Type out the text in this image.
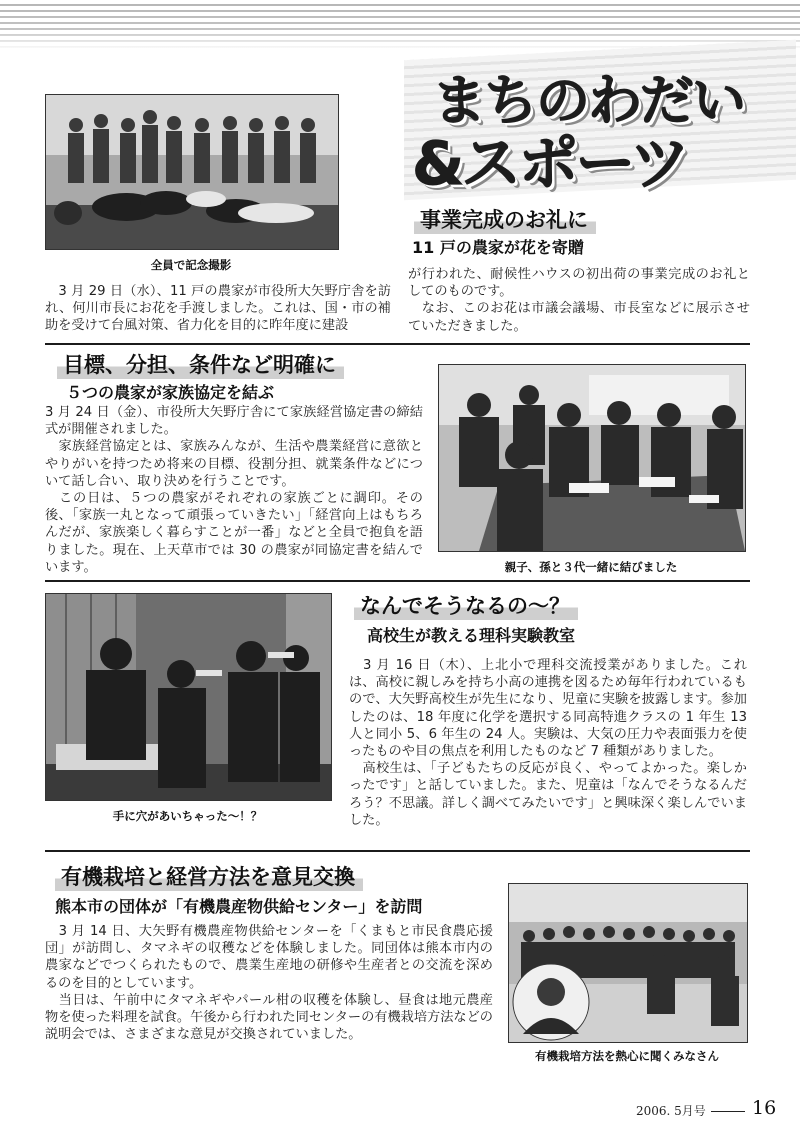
まちのわだい
&スポーツ
全員で記念撮影
事業完成のお礼に
11 戸の農家が花を寄贈

　3 月 29 日（水）、11 戸の農家が市役所大矢野庁舎を訪れ、何川市長にお花を手渡しました。これは、国・市の補助を受けて台風対策、省力化を目的に昨年度に建設

が行われた、耐候性ハウスの初出荷の事業完成のお礼としてのものです。

　なお、このお花は市議会議場、市長室などに展示させていただきました。

目標、分担、条件など明確に
５つの農家が家族協定を結ぶ

3 月 24 日（金）、市役所大矢野庁舎にて家族経営協定書の締結式が開催されました。

　家族経営協定とは、家族みんなが、生活や農業経営に意欲とやりがいを持つため将来の目標、役割分担、就業条件などについて話し合い、取り決めを行うことです。

　この日は、５つの農家がそれぞれの家族ごとに調印。その後、「家族一丸となって頑張っていきたい」「経営向上はもちろんだが、家族楽しく暮らすことが一番」などと全員で抱負を語りました。現在、上天草市では 30 の農家が同協定書を結んでいます。	親子、孫と３代一緒に結びました
手に穴があいちゃった～！？
なんでそうなるの～？
高校生が教える理科実験教室

　3 月 16 日（木）、上北小で理科交流授業がありました。これは、高校に親しみを持ち小高の連携を図るため毎年行われているもので、大矢野高校生が先生になり、児童に実験を披露します。参加したのは、18 年度に化学を選択する同高特進クラスの 1 年生 13 人と同小 5、6 年生の 24 人。実験は、大気の圧力や表面張力を使ったものや目の焦点を利用したものなど 7 種類がありました。

　高校生は、「子どもたちの反応が良く、やってよかった。楽しかったです」と話していました。また、児童は「なんでそうなるんだろう？不思議。詳しく調べてみたいです」と興味深く楽しんでいました。

有機栽培と経営方法を意見交換
熊本市の団体が「有機農産物供給センター」を訪問

　3 月 14 日、大矢野有機農産物供給センターを「くまもと市民食農応援団」が訪問し、タマネギの収穫などを体験しました。同団体は熊本市内の農家などでつくられたもので、農業生産地の研修や生産者との交流を深めるのを目的としています。

　当日は、午前中にタマネギやパール柑の収穫を体験し、昼食は地元農産物を使った料理を試食。午後から行われた同センターの有機栽培方法などの説明会では、さまざまな意見が交換されていました。

有機栽培方法を熱心に聞くみなさん
2006. 5月号 16
